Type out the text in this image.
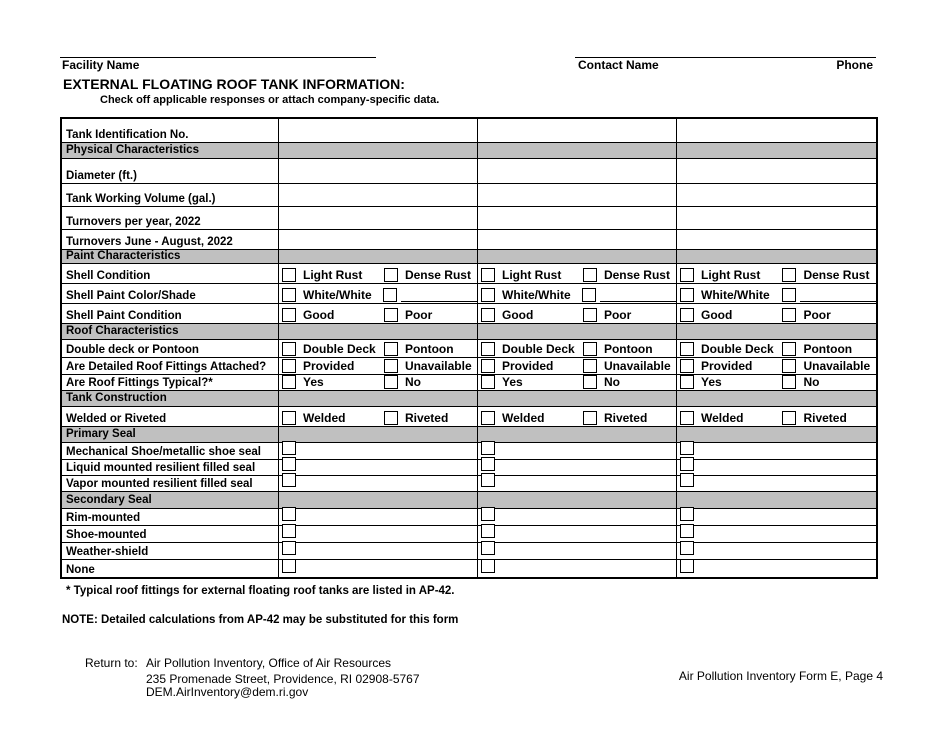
Facility Name	Contact Name	Phone
EXTERNAL FLOATING ROOF TANK INFORMATION:
Check off applicable responses or attach company-specific data.
Tank Identification No.
Physical Characteristics
Diameter (ft.)
Tank Working Volume (gal.)
Turnovers per year, 2022
Turnovers June - August, 2022
Paint Characteristics
Shell Condition	Light Rust	Dense Rust	Light Rust	Dense Rust	Light Rust	Dense Rust
Shell Paint Color/Shade	White/White	White/White	White/White
Shell Paint Condition	Good	Poor	Good	Poor	Good	Poor
Roof Characteristics
Double deck or Pontoon	Double Deck Pontoon	Double Deck Pontoon	Double Deck Pontoon
Are Detailed Roof Fittings Attached?	Provided	Unavailable	Provided	Unavailable	Provided	Unavailable
Are Roof Fittings Typical?*	Yes	No	Yes	No	Yes	No
Tank Construction
Welded or Riveted	Welded	Riveted	Welded	Riveted	Welded	Riveted
Primary Seal
Mechanical Shoe/metallic shoe seal
Liquid mounted resilient filled seal
Vapor mounted resilient filled seal
Secondary Seal
Rim-mounted
Shoe-mounted
Weather-shield
None
* Typical roof fittings for external floating roof tanks are listed in AP-42.
NOTE: Detailed calculations from AP-42 may be substituted for this form
Return to: Air Pollution Inventory, Office of Air Resources
235 Promenade Street, Providence, RI 02908-5767
DEM.AirInventory@dem.ri.gov
Air Pollution Inventory Form E, Page 4
